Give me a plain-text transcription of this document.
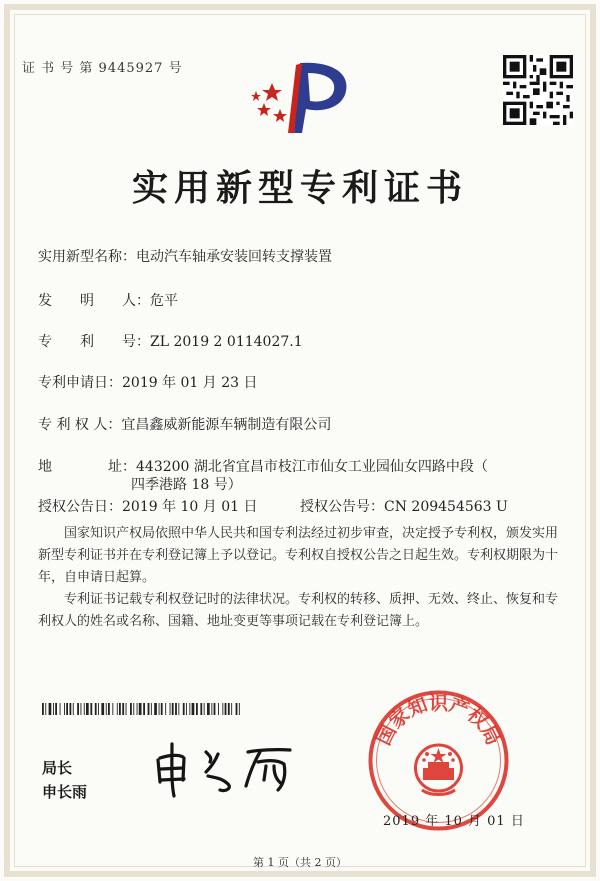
证 书 号 第 9445927 号
实用新型专利证书
实用新型名称：电动汽车轴承安装回转支撑装置
发　　明　　人：危平
专　　利　　号：ZL 2019 2 0114027.1
专利申请日：2019 年 01 月 23 日
专 利 权 人：宜昌鑫威新能源车辆制造有限公司
地　　　　址：443200 湖北省宜昌市枝江市仙女工业园仙女四路中段（
四季港路 18 号）
授权公告日：2019 年 10 月 01 日	授权公告号：CN 209454563 U
国家知识产权局依照中华人民共和国专利法经过初步审查，决定授予专利权，颁发实用新型专利证书并在专利登记簿上予以登记。专利权自授权公告之日起生效。专利权期限为十年，自申请日起算。
专利证书记载专利权登记时的法律状况。专利权的转移、质押、无效、终止、恢复和专利权人的姓名或名称、国籍、地址变更等事项记载在专利登记簿上。
局长
申长雨
国家知识产权局
2019 年 10 月 01 日
第 1 页（共 2 页）
